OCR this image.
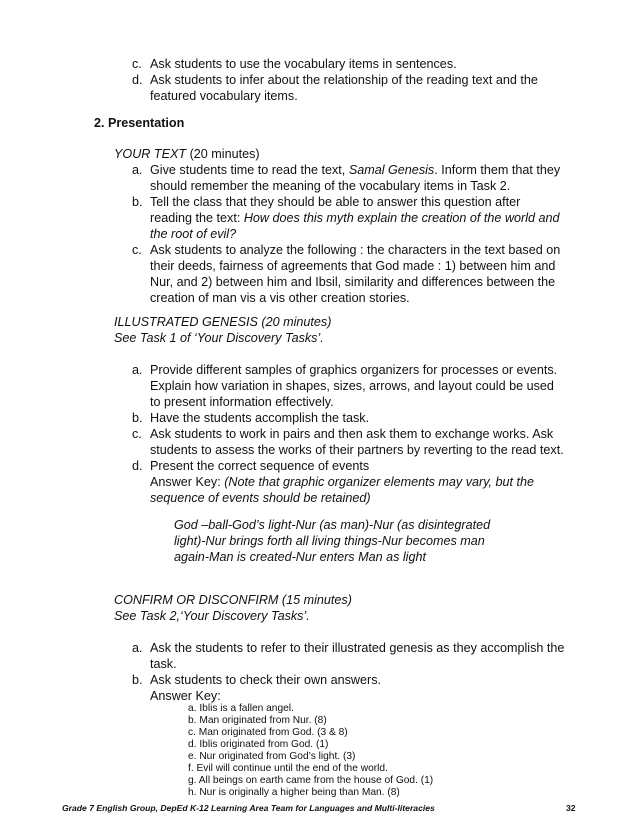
c. Ask students to use the vocabulary items in sentences.
d. Ask students to infer about the relationship of the reading text and the
featured vocabulary items.
2. Presentation
YOUR TEXT (20 minutes)
a. Give students time to read the text, Samal Genesis. Inform them that they
should remember the meaning of the vocabulary items in Task 2.
b. Tell the class that they should be able to answer this question after
reading the text: How does this myth explain the creation of the world and
the root of evil?
c. Ask students to analyze the following : the characters in the text based on
their deeds, fairness of agreements that God made : 1) between him and
Nur, and 2) between him and Ibsil, similarity and differences between the
creation of man vis a vis other creation stories.
ILLUSTRATED GENESIS (20 minutes)
See Task 1 of ‘Your Discovery Tasks’.
a. Provide different samples of graphics organizers for processes or events.
Explain how variation in shapes, sizes, arrows, and layout could be used
to present information effectively.
b. Have the students accomplish the task.
c. Ask students to work in pairs and then ask them to exchange works. Ask
students to assess the works of their partners by reverting to the read text.
d. Present the correct sequence of events
Answer Key: (Note that graphic organizer elements may vary, but the
sequence of events should be retained)
God –ball-God’s light-Nur (as man)-Nur (as disintegrated
light)-Nur brings forth all living things-Nur becomes man
again-Man is created-Nur enters Man as light
CONFIRM OR DISCONFIRM (15 minutes)
See Task 2,‘Your Discovery Tasks’.
a. Ask the students to refer to their illustrated genesis as they accomplish the
task.
b. Ask students to check their own answers.
Answer Key:
a. Iblis is a fallen angel.
b. Man originated from Nur. (8)
c. Man originated from God. (3 & 8)
d. Iblis originated from God. (1)
e. Nur originated from God’s light. (3)
f. Evil will continue until the end of the world.
g. All beings on earth came from the house of God. (1)
h. Nur is originally a higher being than Man. (8)
Grade 7 English Group, DepEd K-12 Learning Area Team for Languages and Multi-literacies	32
